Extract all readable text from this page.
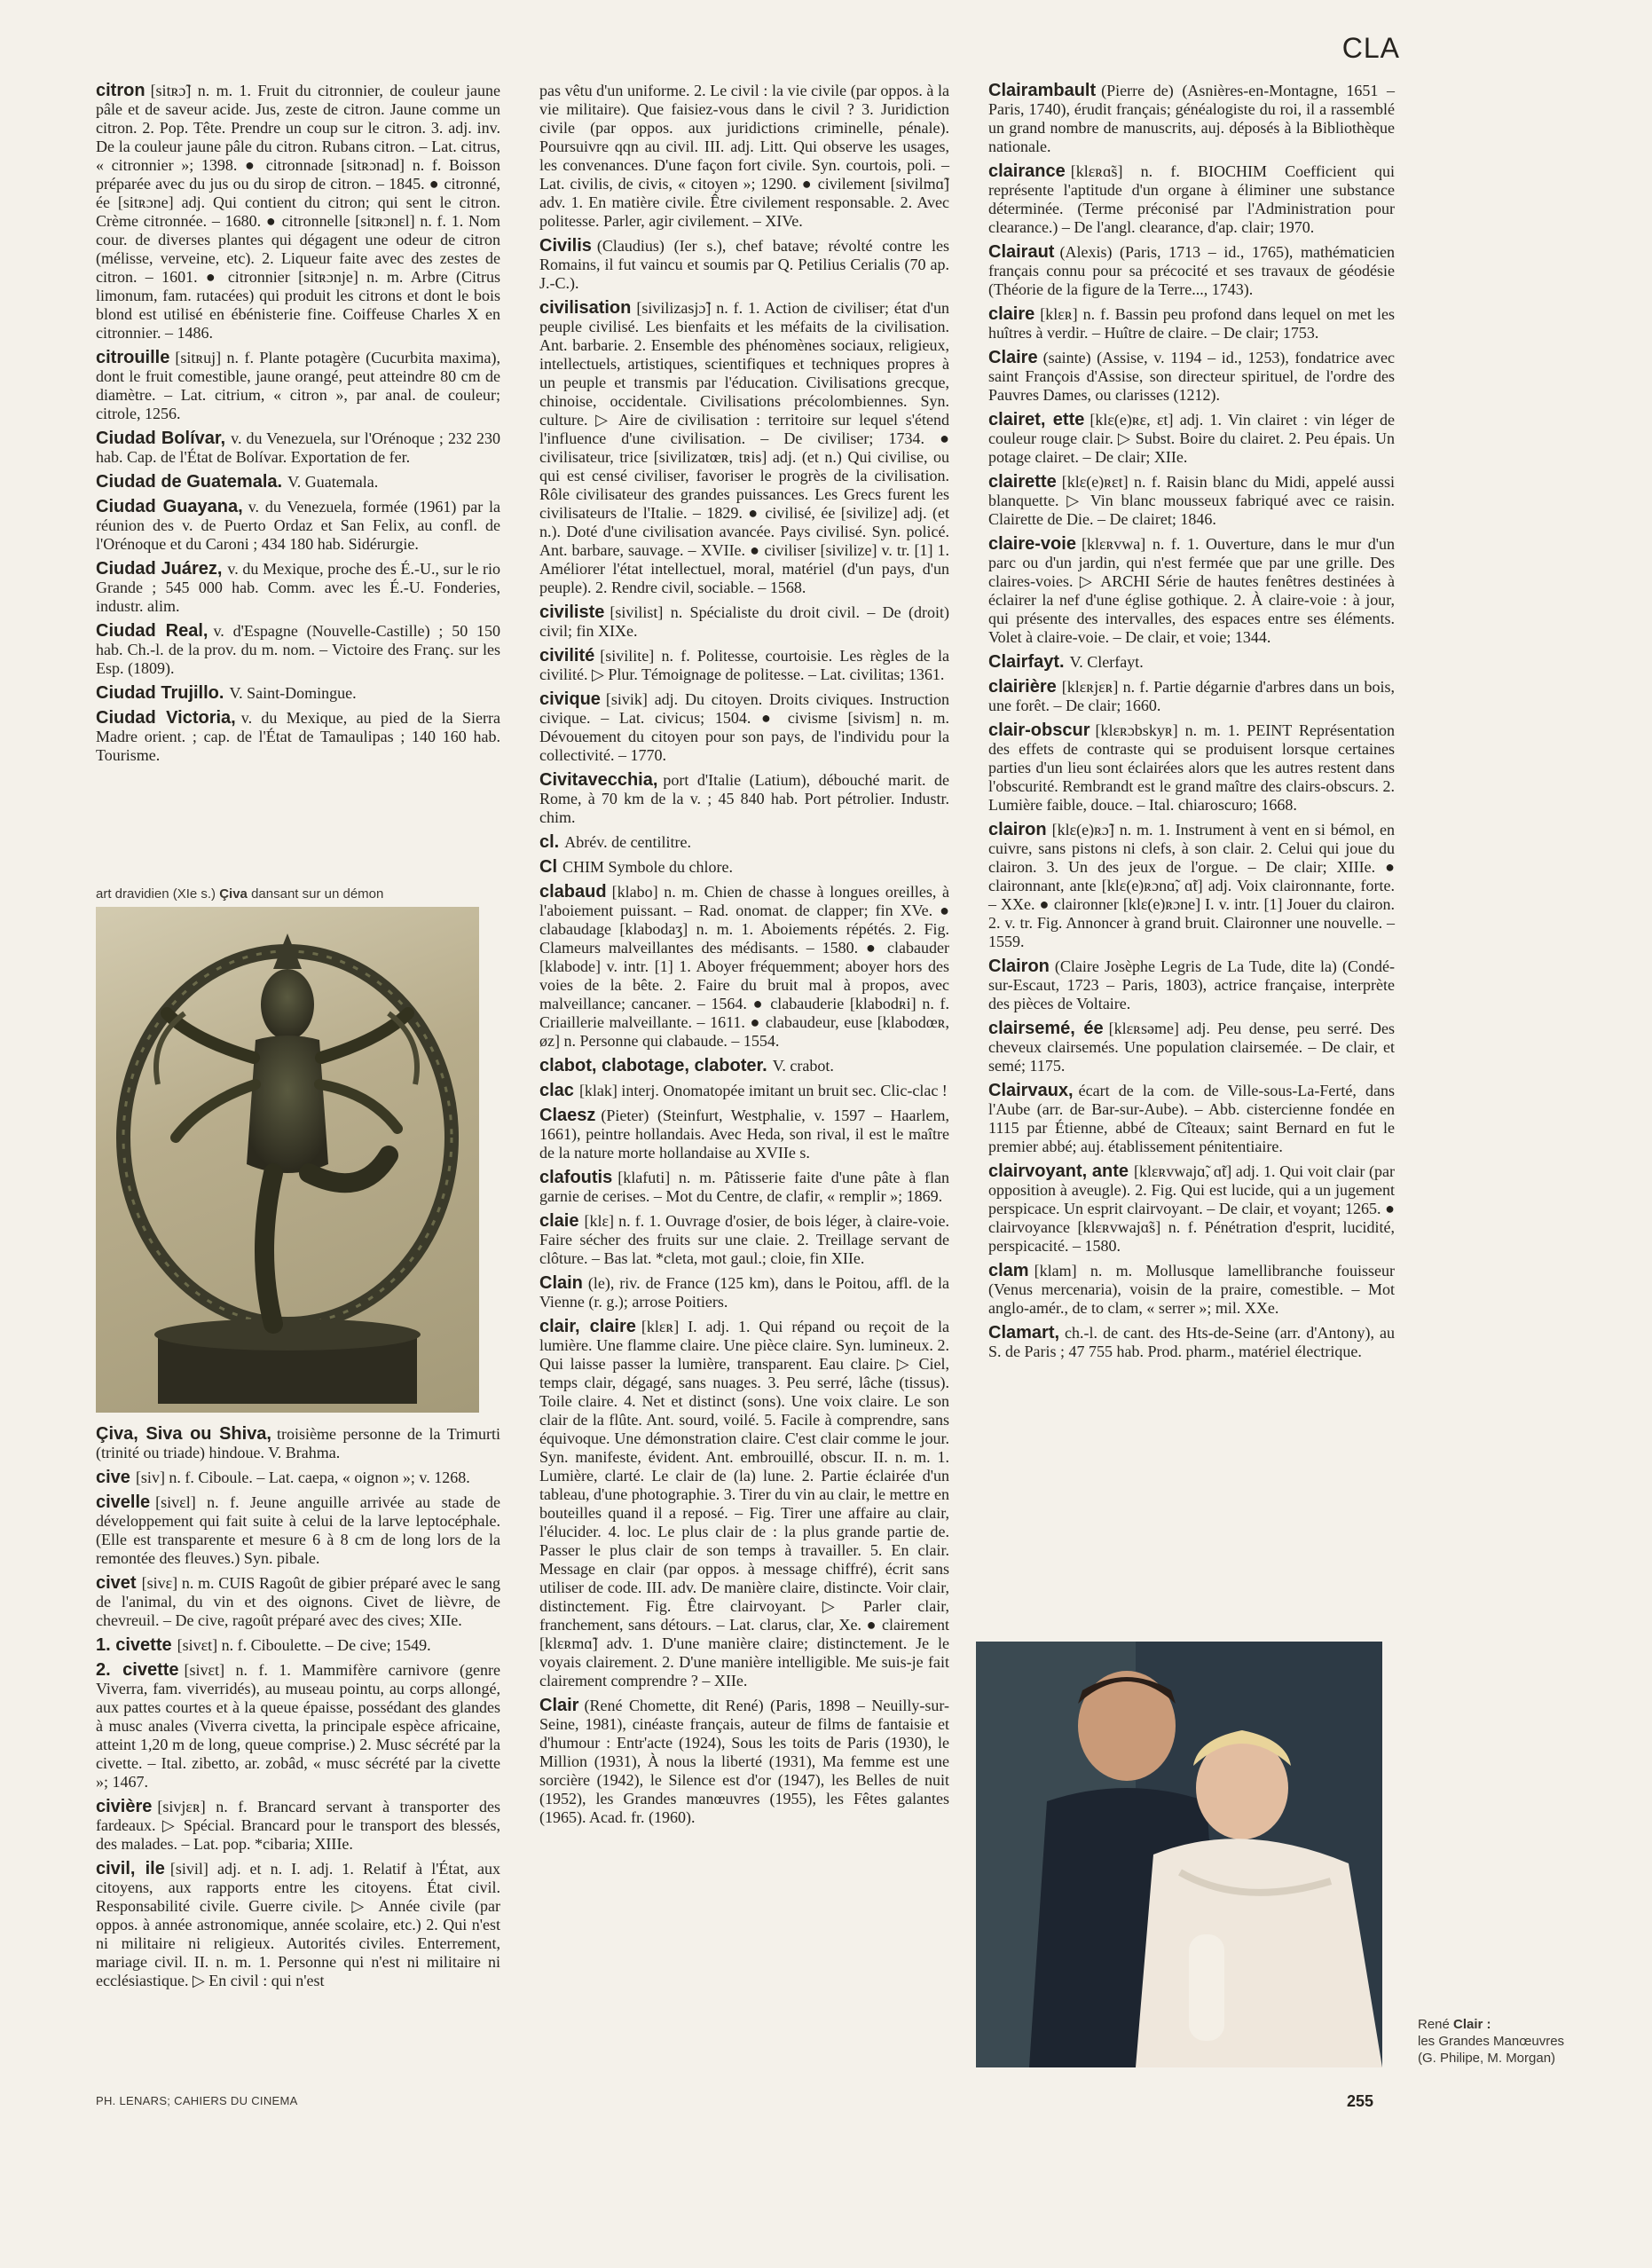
CLA

citron [sitʀɔ̃] n. m. 1. Fruit du citronnier, de couleur jaune pâle et de saveur acide. Jus, zeste de citron. Jaune comme un citron. 2. Pop. Tête. Prendre un coup sur le citron. 3. adj. inv. De la couleur jaune pâle du citron. Rubans citron. – Lat. citrus, « citronnier »; 1398. ● citronnade [sitʀɔnad] n. f. Boisson préparée avec du jus ou du sirop de citron. – 1845. ● citronné, ée [sitʀɔne] adj. Qui contient du citron; qui sent le citron. Crème citronnée. – 1680. ● citronnelle [sitʀɔnɛl] n. f. 1. Nom cour. de diverses plantes qui dégagent une odeur de citron (mélisse, verveine, etc). 2. Liqueur faite avec des zestes de citron. – 1601. ● citronnier [sitʀɔnje] n. m. Arbre (Citrus limonum, fam. rutacées) qui produit les citrons et dont le bois blond est utilisé en ébénisterie fine. Coiffeuse Charles X en citronnier. – 1486.

citrouille [sitʀuj] n. f. Plante potagère (Cucurbita maxima), dont le fruit comestible, jaune orangé, peut atteindre 80 cm de diamètre. – Lat. citrium, « citron », par anal. de couleur; citrole, 1256.

Ciudad Bolívar, v. du Venezuela, sur l'Orénoque ; 232 230 hab. Cap. de l'État de Bolívar. Exportation de fer.

Ciudad de Guatemala. V. Guatemala.

Ciudad Guayana, v. du Venezuela, formée (1961) par la réunion des v. de Puerto Ordaz et San Felix, au confl. de l'Orénoque et du Caroni ; 434 180 hab. Sidérurgie.

Ciudad Juárez, v. du Mexique, proche des É.-U., sur le rio Grande ; 545 000 hab. Comm. avec les É.-U. Fonderies, industr. alim.

Ciudad Real, v. d'Espagne (Nouvelle-Castille) ; 50 150 hab. Ch.-l. de la prov. du m. nom. – Victoire des Franç. sur les Esp. (1809).

Ciudad Trujillo. V. Saint-Domingue.

Ciudad Victoria, v. du Mexique, au pied de la Sierra Madre orient. ; cap. de l'État de Tamaulipas ; 140 160 hab. Tourisme.

art dravidien (XIe s.) Çiva dansant sur un démon

Çiva, Siva ou Shiva, troisième personne de la Trimurti (trinité ou triade) hindoue. V. Brahma.

cive [siv] n. f. Ciboule. – Lat. caepa, « oignon »; v. 1268.

civelle [sivɛl] n. f. Jeune anguille arrivée au stade de développement qui fait suite à celui de la larve leptocéphale. (Elle est transparente et mesure 6 à 8 cm de long lors de la remontée des fleuves.) Syn. pibale.

civet [sivɛ] n. m. CUIS Ragoût de gibier préparé avec le sang de l'animal, du vin et des oignons. Civet de lièvre, de chevreuil. – De cive, ragoût préparé avec des cives; XIIe.

1. civette [sivɛt] n. f. Ciboulette. – De cive; 1549.

2. civette [sivɛt] n. f. 1. Mammifère carnivore (genre Viverra, fam. viverridés), au museau pointu, au corps allongé, aux pattes courtes et à la queue épaisse, possédant des glandes à musc anales (Viverra civetta, la principale espèce africaine, atteint 1,20 m de long, queue comprise.) 2. Musc sécrété par la civette. – Ital. zibetto, ar. zobâd, « musc sécrété par la civette »; 1467.

civière [sivjɛʀ] n. f. Brancard servant à transporter des fardeaux. ▷ Spécial. Brancard pour le transport des blessés, des malades. – Lat. pop. *cibaria; XIIIe.

civil, ile [sivil] adj. et n. I. adj. 1. Relatif à l'État, aux citoyens, aux rapports entre les citoyens. État civil. Responsabilité civile. Guerre civile. ▷ Année civile (par oppos. à année astronomique, année scolaire, etc.) 2. Qui n'est ni militaire ni religieux. Autorités civiles. Enterrement, mariage civil. II. n. m. 1. Personne qui n'est ni militaire ni ecclésiastique. ▷ En civil : qui n'est

pas vêtu d'un uniforme. 2. Le civil : la vie civile (par oppos. à la vie militaire). Que faisiez-vous dans le civil ? 3. Juridiction civile (par oppos. aux juridictions criminelle, pénale). Poursuivre qqn au civil. III. adj. Litt. Qui observe les usages, les convenances. D'une façon fort civile. Syn. courtois, poli. – Lat. civilis, de civis, « citoyen »; 1290. ● civilement [sivilmɑ̃] adv. 1. En matière civile. Être civilement responsable. 2. Avec politesse. Parler, agir civilement. – XIVe.

Civilis (Claudius) (Ier s.), chef batave; révolté contre les Romains, il fut vaincu et soumis par Q. Petilius Cerialis (70 ap. J.-C.).

civilisation [sivilizasjɔ̃] n. f. 1. Action de civiliser; état d'un peuple civilisé. Les bienfaits et les méfaits de la civilisation. Ant. barbarie. 2. Ensemble des phénomènes sociaux, religieux, intellectuels, artistiques, scientifiques et techniques propres à un peuple et transmis par l'éducation. Civilisations grecque, chinoise, occidentale. Civilisations précolombiennes. Syn. culture. ▷ Aire de civilisation : territoire sur lequel s'étend l'influence d'une civilisation. – De civiliser; 1734. ● civilisateur, trice [sivilizatœʀ, tʀis] adj. (et n.) Qui civilise, ou qui est censé civiliser, favoriser le progrès de la civilisation. Rôle civilisateur des grandes puissances. Les Grecs furent les civilisateurs de l'Italie. – 1829. ● civilisé, ée [sivilize] adj. (et n.). Doté d'une civilisation avancée. Pays civilisé. Syn. policé. Ant. barbare, sauvage. – XVIIe. ● civiliser [sivilize] v. tr. [1] 1. Améliorer l'état intellectuel, moral, matériel (d'un pays, d'un peuple). 2. Rendre civil, sociable. – 1568.

civiliste [sivilist] n. Spécialiste du droit civil. – De (droit) civil; fin XIXe.

civilité [sivilite] n. f. Politesse, courtoisie. Les règles de la civilité. ▷ Plur. Témoignage de politesse. – Lat. civilitas; 1361.

civique [sivik] adj. Du citoyen. Droits civiques. Instruction civique. – Lat. civicus; 1504. ● civisme [sivism] n. m. Dévouement du citoyen pour son pays, de l'individu pour la collectivité. – 1770.

Civitavecchia, port d'Italie (Latium), débouché marit. de Rome, à 70 km de la v. ; 45 840 hab. Port pétrolier. Industr. chim.

cl. Abrév. de centilitre.

Cl CHIM Symbole du chlore.

clabaud [klabo] n. m. Chien de chasse à longues oreilles, à l'aboiement puissant. – Rad. onomat. de clapper; fin XVe. ● clabaudage [klabodaʒ] n. m. 1. Aboiements répétés. 2. Fig. Clameurs malveillantes des médisants. – 1580. ● clabauder [klabode] v. intr. [1] 1. Aboyer fréquemment; aboyer hors des voies de la bête. 2. Faire du bruit mal à propos, avec malveillance; cancaner. – 1564. ● clabauderie [klabodʀi] n. f. Criaillerie malveillante. – 1611. ● clabaudeur, euse [klabodœʀ, øz] n. Personne qui clabaude. – 1554.

clabot, clabotage, claboter. V. crabot.

clac [klak] interj. Onomatopée imitant un bruit sec. Clic-clac !

Claesz (Pieter) (Steinfurt, Westphalie, v. 1597 – Haarlem, 1661), peintre hollandais. Avec Heda, son rival, il est le maître de la nature morte hollandaise au XVIIe s.

clafoutis [klafuti] n. m. Pâtisserie faite d'une pâte à flan garnie de cerises. – Mot du Centre, de clafir, « remplir »; 1869.

claie [klɛ] n. f. 1. Ouvrage d'osier, de bois léger, à claire-voie. Faire sécher des fruits sur une claie. 2. Treillage servant de clôture. – Bas lat. *cleta, mot gaul.; cloie, fin XIIe.

Clain (le), riv. de France (125 km), dans le Poitou, affl. de la Vienne (r. g.); arrose Poitiers.

clair, claire [klɛʀ] I. adj. 1. Qui répand ou reçoit de la lumière. Une flamme claire. Une pièce claire. Syn. lumineux. 2. Qui laisse passer la lumière, transparent. Eau claire. ▷ Ciel, temps clair, dégagé, sans nuages. 3. Peu serré, lâche (tissus). Toile claire. 4. Net et distinct (sons). Une voix claire. Le son clair de la flûte. Ant. sourd, voilé. 5. Facile à comprendre, sans équivoque. Une démonstration claire. C'est clair comme le jour. Syn. manifeste, évident. Ant. embrouillé, obscur. II. n. m. 1. Lumière, clarté. Le clair de (la) lune. 2. Partie éclairée d'un tableau, d'une photographie. 3. Tirer du vin au clair, le mettre en bouteilles quand il a reposé. – Fig. Tirer une affaire au clair, l'élucider. 4. loc. Le plus clair de : la plus grande partie de. Passer le plus clair de son temps à travailler. 5. En clair. Message en clair (par oppos. à message chiffré), écrit sans utiliser de code. III. adv. De manière claire, distincte. Voir clair, distinctement. Fig. Être clairvoyant. ▷ Parler clair, franchement, sans détours. – Lat. clarus, clar, Xe. ● clairement [klɛʀmɑ̃] adv. 1. D'une manière claire; distinctement. Je le voyais clairement. 2. D'une manière intelligible. Me suis-je fait clairement comprendre ? – XIIe.

Clair (René Chomette, dit René) (Paris, 1898 – Neuilly-sur-Seine, 1981), cinéaste français, auteur de films de fantaisie et d'humour : Entr'acte (1924), Sous les toits de Paris (1930), le Million (1931), À nous la liberté (1931), Ma femme est une sorcière (1942), le Silence est d'or (1947), les Belles de nuit (1952), les Grandes manœuvres (1955), les Fêtes galantes (1965). Acad. fr. (1960).

Clairambault (Pierre de) (Asnières-en-Montagne, 1651 – Paris, 1740), érudit français; généalogiste du roi, il a rassemblé un grand nombre de manuscrits, auj. déposés à la Bibliothèque nationale.

clairance [klɛʀɑ̃s] n. f. BIOCHIM Coefficient qui représente l'aptitude d'un organe à éliminer une substance déterminée. (Terme préconisé par l'Administration pour clearance.) – De l'angl. clearance, d'ap. clair; 1970.

Clairaut (Alexis) (Paris, 1713 – id., 1765), mathématicien français connu pour sa précocité et ses travaux de géodésie (Théorie de la figure de la Terre..., 1743).

claire [klɛʀ] n. f. Bassin peu profond dans lequel on met les huîtres à verdir. – Huître de claire. – De clair; 1753.

Claire (sainte) (Assise, v. 1194 – id., 1253), fondatrice avec saint François d'Assise, son directeur spirituel, de l'ordre des Pauvres Dames, ou clarisses (1212).

clairet, ette [klɛ(e)ʀɛ, ɛt] adj. 1. Vin clairet : vin léger de couleur rouge clair. ▷ Subst. Boire du clairet. 2. Peu épais. Un potage clairet. – De clair; XIIe.

clairette [klɛ(e)ʀɛt] n. f. Raisin blanc du Midi, appelé aussi blanquette. ▷ Vin blanc mousseux fabriqué avec ce raisin. Clairette de Die. – De clairet; 1846.

claire-voie [klɛʀvwa] n. f. 1. Ouverture, dans le mur d'un parc ou d'un jardin, qui n'est fermée que par une grille. Des claires-voies. ▷ ARCHI Série de hautes fenêtres destinées à éclairer la nef d'une église gothique. 2. À claire-voie : à jour, qui présente des intervalles, des espaces entre ses éléments. Volet à claire-voie. – De clair, et voie; 1344.

Clairfayt. V. Clerfayt.

clairière [klɛʀjɛʀ] n. f. Partie dégarnie d'arbres dans un bois, une forêt. – De clair; 1660.

clair-obscur [klɛʀɔbskyʀ] n. m. 1. PEINT Représentation des effets de contraste qui se produisent lorsque certaines parties d'un lieu sont éclairées alors que les autres restent dans l'obscurité. Rembrandt est le grand maître des clairs-obscurs. 2. Lumière faible, douce. – Ital. chiaroscuro; 1668.

clairon [klɛ(e)ʀɔ̃] n. m. 1. Instrument à vent en si bémol, en cuivre, sans pistons ni clefs, à son clair. 2. Celui qui joue du clairon. 3. Un des jeux de l'orgue. – De clair; XIIIe. ● claironnant, ante [klɛ(e)ʀɔnɑ̃, ɑ̃t] adj. Voix claironnante, forte. – XXe. ● claironner [klɛ(e)ʀɔne] I. v. intr. [1] Jouer du clairon. 2. v. tr. Fig. Annoncer à grand bruit. Claironner une nouvelle. – 1559.

Clairon (Claire Josèphe Legris de La Tude, dite la) (Condé-sur-Escaut, 1723 – Paris, 1803), actrice française, interprète des pièces de Voltaire.

clairsemé, ée [klɛʀsəme] adj. Peu dense, peu serré. Des cheveux clairsemés. Une population clairsemée. – De clair, et semé; 1175.

Clairvaux, écart de la com. de Ville-sous-La-Ferté, dans l'Aube (arr. de Bar-sur-Aube). – Abb. cistercienne fondée en 1115 par Étienne, abbé de Cîteaux; saint Bernard en fut le premier abbé; auj. établissement pénitentiaire.

clairvoyant, ante [klɛʀvwajɑ̃, ɑ̃t] adj. 1. Qui voit clair (par opposition à aveugle). 2. Fig. Qui est lucide, qui a un jugement perspicace. Un esprit clairvoyant. – De clair, et voyant; 1265. ● clairvoyance [klɛʀvwajɑ̃s] n. f. Pénétration d'esprit, lucidité, perspicacité. – 1580.

clam [klam] n. m. Mollusque lamellibranche fouisseur (Venus mercenaria), voisin de la praire, comestible. – Mot anglo-amér., de to clam, « serrer »; mil. XXe.

Clamart, ch.-l. de cant. des Hts-de-Seine (arr. d'Antony), au S. de Paris ; 47 755 hab. Prod. pharm., matériel électrique.

René Clair :
les Grandes Manœuvres
(G. Philipe, M. Morgan)
PH. LENARS; CAHIERS DU CINEMA	255
